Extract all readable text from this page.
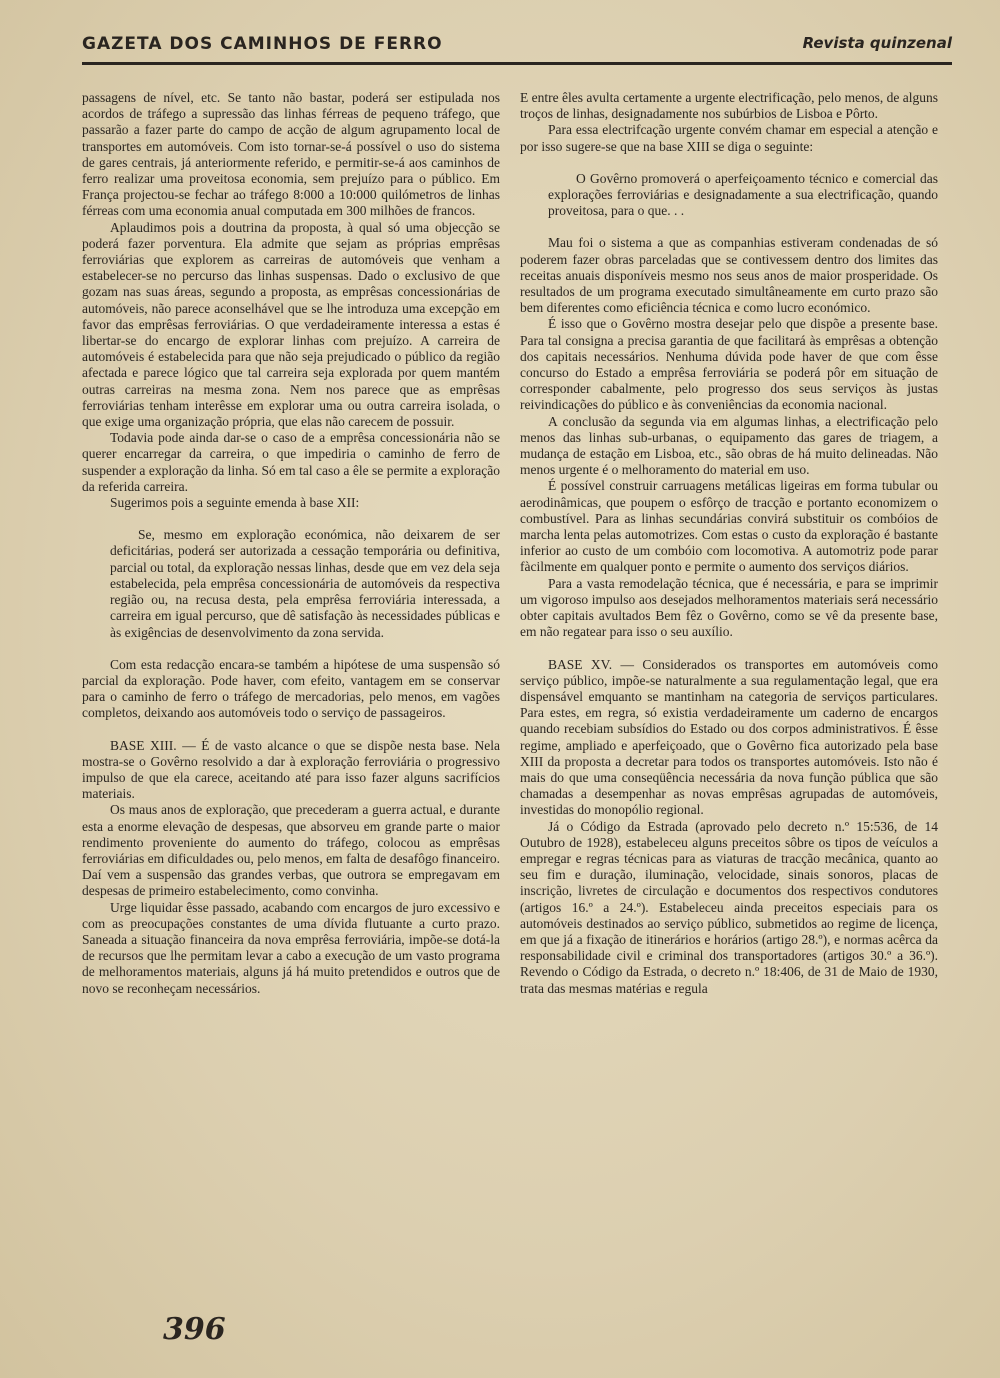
GAZETA DOS CAMINHOS DE FERRO	Revista quinzenal

passagens de nível, etc. Se tanto não bastar, poderá ser estipulada nos acordos de tráfego a supressão das linhas férreas de pequeno tráfego, que passarão a fazer parte do campo de acção de algum agrupamento local de transportes em automóveis. Com isto tornar-se-á possível o uso do sistema de gares centrais, já anteriormente referido, e permitir-se-á aos caminhos de ferro realizar uma proveitosa economia, sem prejuízo para o público. Em França projectou-se fechar ao tráfego 8:000 a 10:000 quilómetros de linhas férreas com uma economia anual computada em 300 milhões de francos.

Aplaudimos pois a doutrina da proposta, à qual só uma objecção se poderá fazer porventura. Ela admite que sejam as próprias emprêsas ferroviárias que explorem as carreiras de automóveis que venham a estabelecer-se no percurso das linhas suspensas. Dado o exclusivo de que gozam nas suas áreas, segundo a proposta, as emprêsas concessionárias de automóveis, não parece aconselhável que se lhe introduza uma excepção em favor das emprêsas ferroviárias. O que verdadeiramente interessa a estas é libertar-se do encargo de explorar linhas com prejuízo. A carreira de automóveis é estabelecida para que não seja prejudicado o público da região afectada e parece lógico que tal carreira seja explorada por quem mantém outras carreiras na mesma zona. Nem nos parece que as emprêsas ferroviárias tenham interêsse em explorar uma ou outra carreira isolada, o que exige uma organização própria, que elas não carecem de possuir.

Todavia pode ainda dar-se o caso de a emprêsa concessionária não se querer encarregar da carreira, o que impediria o caminho de ferro de suspender a exploração da linha. Só em tal caso a êle se permite a exploração da referida carreira.

Sugerimos pois a seguinte emenda à base XII:

Se, mesmo em exploração económica, não deixarem de ser deficitárias, poderá ser autorizada a cessação temporária ou definitiva, parcial ou total, da exploração nessas linhas, desde que em vez dela seja estabelecida, pela emprêsa concessionária de automóveis da respectiva região ou, na recusa desta, pela emprêsa ferroviária interessada, a carreira em igual percurso, que dê satisfação às necessidades públicas e às exigências de desenvolvimento da zona servida.

Com esta redacção encara-se também a hipótese de uma suspensão só parcial da exploração. Pode haver, com efeito, vantagem em se conservar para o caminho de ferro o tráfego de mercadorias, pelo menos, em vagões completos, deixando aos automóveis todo o serviço de passageiros.

BASE XIII. — É de vasto alcance o que se dispõe nesta base. Nela mostra-se o Govêrno resolvido a dar à exploração ferroviária o progressivo impulso de que ela carece, aceitando até para isso fazer alguns sacrifícios materiais.

Os maus anos de exploração, que precederam a guerra actual, e durante esta a enorme elevação de despesas, que absorveu em grande parte o maior rendimento proveniente do aumento do tráfego, colocou as emprêsas ferroviárias em dificuldades ou, pelo menos, em falta de desafôgo financeiro. Daí vem a suspensão das grandes verbas, que outrora se empregavam em despesas de primeiro estabelecimento, como convinha.

Urge liquidar êsse passado, acabando com encargos de juro excessivo e com as preocupações constantes de uma dívida flutuante a curto prazo. Saneada a situação financeira da nova emprêsa ferroviária, impõe-se dotá-la de recursos que lhe permitam levar a cabo a execução de um vasto programa de melhoramentos materiais, alguns já há muito pretendidos e outros que de novo se reconheçam necessários.

E entre êles avulta certamente a urgente electrificação, pelo menos, de alguns troços de linhas, designadamente nos subúrbios de Lisboa e Pôrto.

Para essa electrifcação urgente convém chamar em especial a atenção e por isso sugere-se que na base XIII se diga o seguinte:

O Govêrno promoverá o aperfeiçoamento técnico e comercial das explorações ferroviárias e designadamente a sua electrificação, quando proveitosa, para o que. . .

Mau foi o sistema a que as companhias estiveram condenadas de só poderem fazer obras parceladas que se contivessem dentro dos limites das receitas anuais disponíveis mesmo nos seus anos de maior prosperidade. Os resultados de um programa executado simultâneamente em curto prazo são bem diferentes como eficiência técnica e como lucro económico.

É isso que o Govêrno mostra desejar pelo que dispõe a presente base. Para tal consigna a precisa garantia de que facilitará às emprêsas a obtenção dos capitais necessários. Nenhuma dúvida pode haver de que com êsse concurso do Estado a emprêsa ferroviária se poderá pôr em situação de corresponder cabalmente, pelo progresso dos seus serviços às justas reivindicações do público e às conveniências da economia nacional.

A conclusão da segunda via em algumas linhas, a electrificação pelo menos das linhas sub-urbanas, o equipamento das gares de triagem, a mudança de estação em Lisboa, etc., são obras de há muito delineadas. Não menos urgente é o melhoramento do material em uso.

É possível construir carruagens metálicas ligeiras em forma tubular ou aerodinâmicas, que poupem o esfôrço de tracção e portanto economizem o combustível. Para as linhas secundárias convirá substituir os combóios de marcha lenta pelas automotrizes. Com estas o custo da exploração é bastante inferior ao custo de um combóio com locomotiva. A automotriz pode parar fàcilmente em qualquer ponto e permite o aumento dos serviços diários.

Para a vasta remodelação técnica, que é necessária, e para se imprimir um vigoroso impulso aos desejados melhoramentos materiais será necessário obter capitais avultados Bem fêz o Govêrno, como se vê da presente base, em não regatear para isso o seu auxílio.

BASE XV. — Considerados os transportes em automóveis como serviço público, impõe-se naturalmente a sua regulamentação legal, que era dispensável emquanto se mantinham na categoria de serviços particulares. Para estes, em regra, só existia verdadeiramente um caderno de encargos quando recebiam subsídios do Estado ou dos corpos administrativos. É êsse regime, ampliado e aperfeiçoado, que o Govêrno fica autorizado pela base XIII da proposta a decretar para todos os transportes automóveis. Isto não é mais do que uma conseqüência necessária da nova função pública que são chamadas a desempenhar as novas emprêsas agrupadas de automóveis, investidas do monopólio regional.

Já o Código da Estrada (aprovado pelo decreto n.º 15:536, de 14 Outubro de 1928), estabeleceu alguns preceitos sôbre os tipos de veículos a empregar e regras técnicas para as viaturas de tracção mecânica, quanto ao seu fim e duração, iluminação, velocidade, sinais sonoros, placas de inscrição, livretes de circulação e documentos dos respectivos condutores (artigos 16.º a 24.º). Estabeleceu ainda preceitos especiais para os automóveis destinados ao serviço público, submetidos ao regime de licença, em que já a fixação de itinerários e horários (artigo 28.º), e normas acêrca da responsabilidade civil e criminal dos transportadores (artigos 30.º a 36.º). Revendo o Código da Estrada, o decreto n.º 18:406, de 31 de Maio de 1930, trata das mesmas matérias e regula

396
